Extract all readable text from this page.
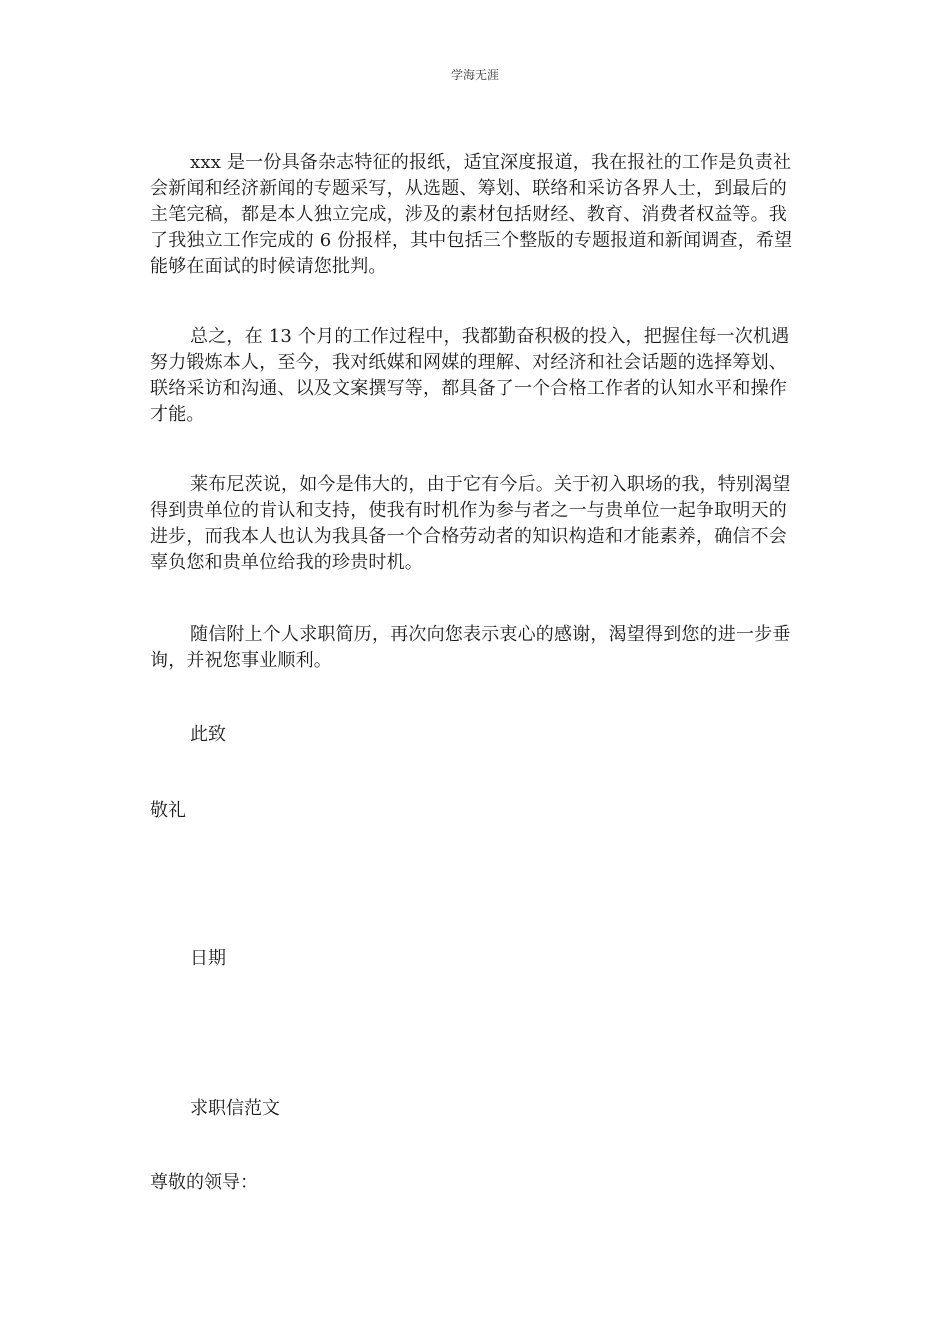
学海无涯

xxx 是一份具备杂志特征的报纸，适宜深度报道，我在报社的工作是负责社会新闻和经济新闻的专题采写，从选题、筹划、联络和采访各界人士，到最后的主笔完稿，都是本人独立完成，涉及的素材包括财经、教育、消费者权益等。我了我独立工作完成的 6 份报样，其中包括三个整版的专题报道和新闻调查，希望能够在面试的时候请您批判。

总之，在 13 个月的工作过程中，我都勤奋积极的投入，把握住每一次机遇努力锻炼本人，至今，我对纸媒和网媒的理解、对经济和社会话题的选择筹划、联络采访和沟通、以及文案撰写等，都具备了一个合格工作者的认知水平和操作才能。

莱布尼茨说，如今是伟大的，由于它有今后。关于初入职场的我，特别渴望得到贵单位的肯认和支持，使我有时机作为参与者之一与贵单位一起争取明天的进步，而我本人也认为我具备一个合格劳动者的知识构造和才能素养，确信不会辜负您和贵单位给我的珍贵时机。

随信附上个人求职简历，再次向您表示衷心的感谢，渴望得到您的进一步垂询，并祝您事业顺利。

此致

敬礼

日期

求职信范文

尊敬的领导：
